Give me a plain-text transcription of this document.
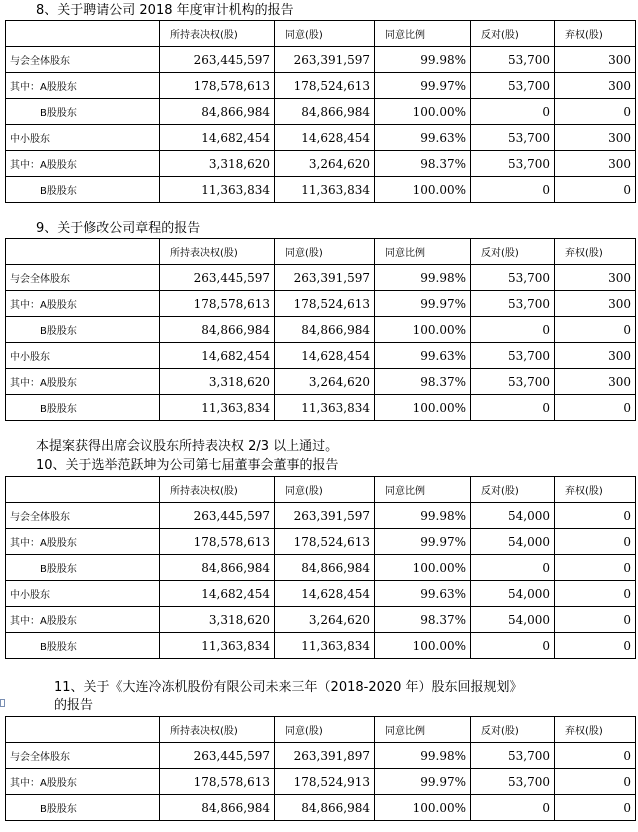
8、关于聘请公司 2018 年度审计机构的报告
	所持表决权(股)	同意(股)	同意比例	反对(股)	弃权(股)
与会全体股东	263,445,597	263,391,597	99.98%	53,700	300
其中：A股股东	178,578,613	178,524,613	99.97%	53,700	300
B股股东	84,866,984	84,866,984	100.00%	0	0
中小股东	14,682,454	14,628,454	99.63%	53,700	300
其中：A股股东	3,318,620	3,264,620	98.37%	53,700	300
B股股东	11,363,834	11,363,834	100.00%	0	0
9、关于修改公司章程的报告
	所持表决权(股)	同意(股)	同意比例	反对(股)	弃权(股)
与会全体股东	263,445,597	263,391,597	99.98%	53,700	300
其中：A股股东	178,578,613	178,524,613	99.97%	53,700	300
B股股东	84,866,984	84,866,984	100.00%	0	0
中小股东	14,682,454	14,628,454	99.63%	53,700	300
其中：A股股东	3,318,620	3,264,620	98.37%	53,700	300
B股股东	11,363,834	11,363,834	100.00%	0	0
本提案获得出席会议股东所持表决权 2/3 以上通过。
10、关于选举范跃坤为公司第七届董事会董事的报告
	所持表决权(股)	同意(股)	同意比例	反对(股)	弃权(股)
与会全体股东	263,445,597	263,391,597	99.98%	54,000	0
其中：A股股东	178,578,613	178,524,613	99.97%	54,000	0
B股股东	84,866,984	84,866,984	100.00%	0	0
中小股东	14,682,454	14,628,454	99.63%	54,000	0
其中：A股股东	3,318,620	3,264,620	98.37%	54,000	0
B股股东	11,363,834	11,363,834	100.00%	0	0
11、关于《大连冷冻机股份有限公司未来三年（2018-2020 年）股东回报规划》
的报告
	所持表决权(股)	同意(股)	同意比例	反对(股)	弃权(股)
与会全体股东	263,445,597	263,391,897	99.98%	53,700	0
其中：A股股东	178,578,613	178,524,913	99.97%	53,700	0
B股股东	84,866,984	84,866,984	100.00%	0	0
